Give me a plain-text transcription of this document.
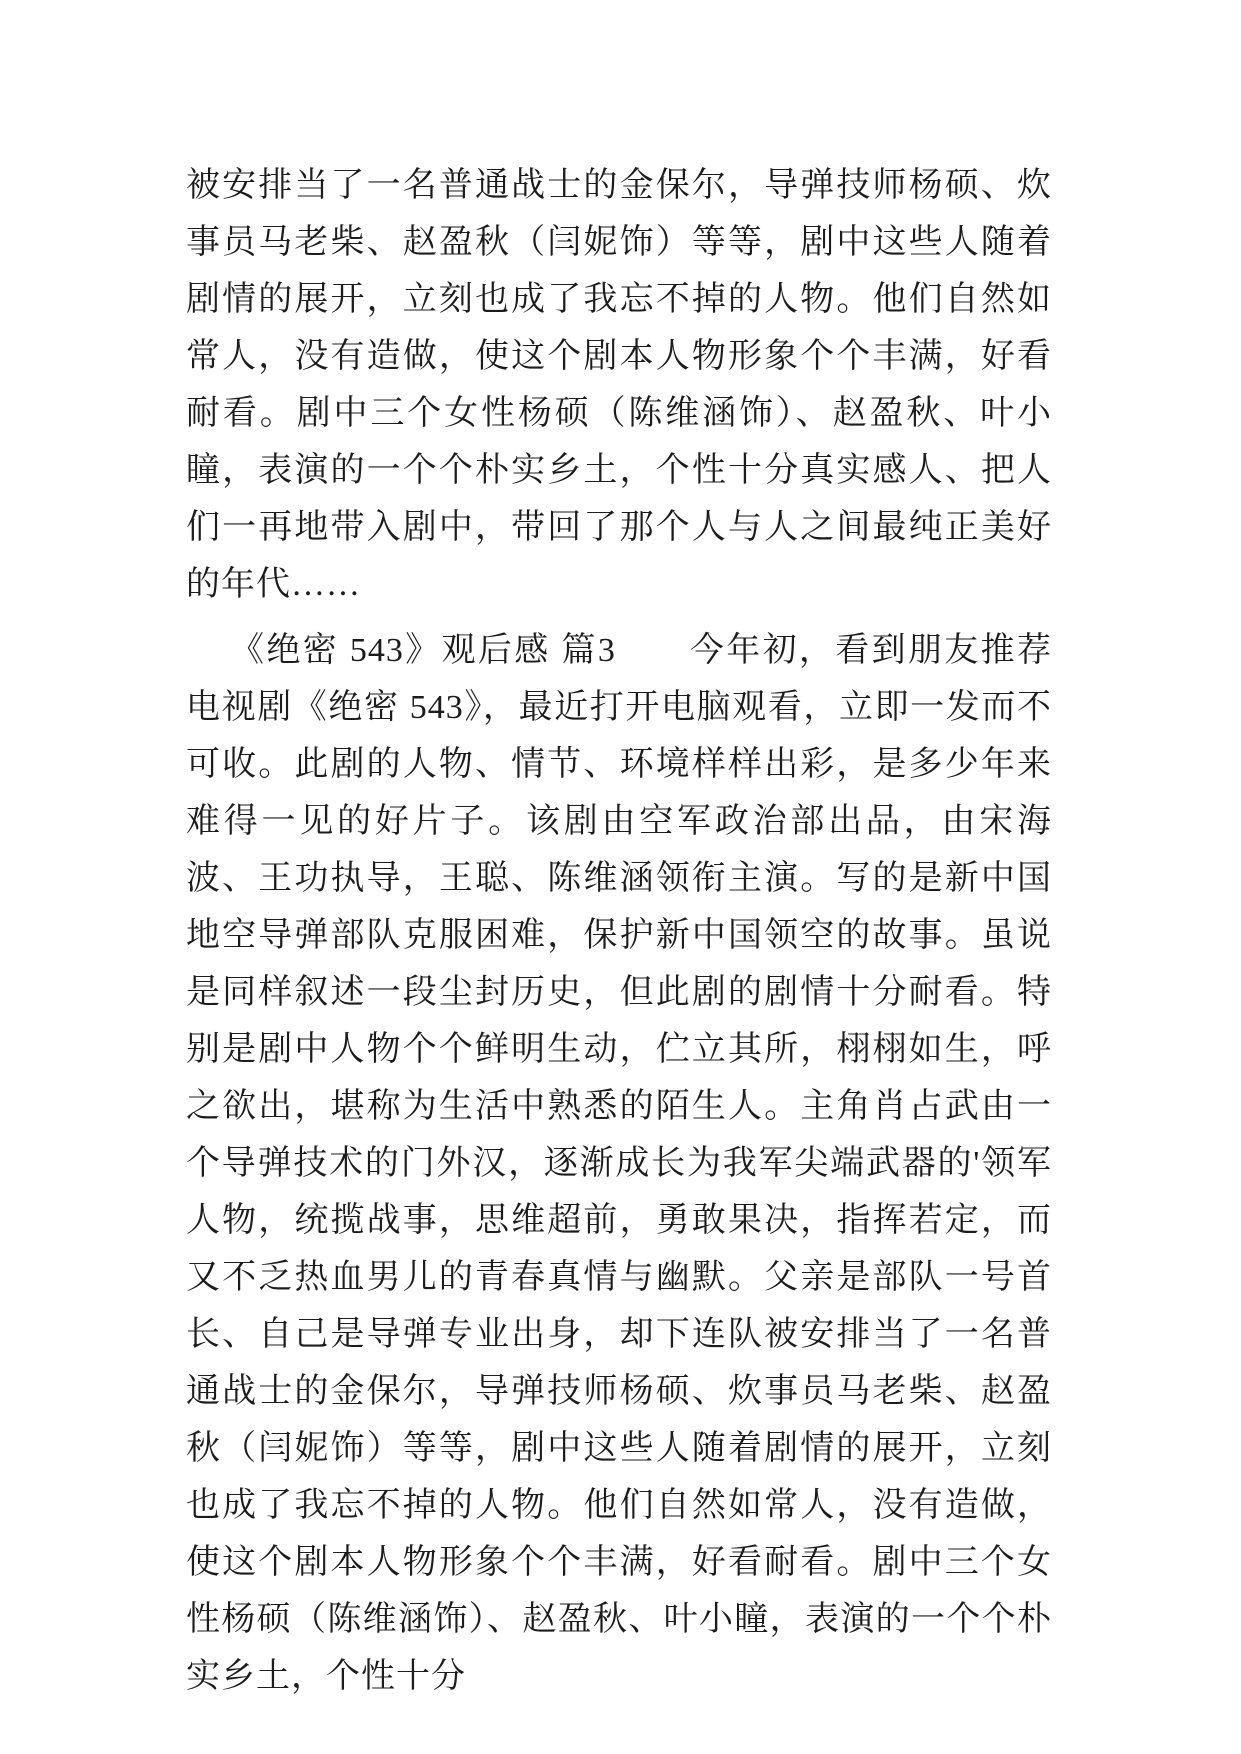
被安排当了一名普通战士的金保尔，导弹技师杨硕、炊事员马老柴、赵盈秋（闫妮饰）等等，剧中这些人随着剧情的展开，立刻也成了我忘不掉的人物。他们自然如常人，没有造做，使这个剧本人物形象个个丰满，好看耐看。剧中三个女性杨硕（陈维涵饰）、赵盈秋、叶小瞳，表演的一个个朴实乡土，个性十分真实感人、把人们一再地带入剧中，带回了那个人与人之间最纯正美好的年代……

《绝密 543》观后感 篇3　　今年初，看到朋友推荐电视剧《绝密 543》，最近打开电脑观看，立即一发而不可收。此剧的人物、情节、环境样样出彩，是多少年来难得一见的好片子。该剧由空军政治部出品，由宋海波、王功执导，王聪、陈维涵领衔主演。写的是新中国地空导弹部队克服困难，保护新中国领空的故事。虽说是同样叙述一段尘封历史，但此剧的剧情十分耐看。特别是剧中人物个个鲜明生动，伫立其所，栩栩如生，呼之欲出，堪称为生活中熟悉的陌生人。主角肖占武由一个导弹技术的门外汉，逐渐成长为我军尖端武器的'领军人物，统揽战事，思维超前，勇敢果决，指挥若定，而又不乏热血男儿的青春真情与幽默。父亲是部队一号首长、自己是导弹专业出身，却下连队被安排当了一名普通战士的金保尔，导弹技师杨硕、炊事员马老柴、赵盈秋（闫妮饰）等等，剧中这些人随着剧情的展开，立刻也成了我忘不掉的人物。他们自然如常人，没有造做，使这个剧本人物形象个个丰满，好看耐看。剧中三个女性杨硕（陈维涵饰）、赵盈秋、叶小瞳，表演的一个个朴实乡土，个性十分
